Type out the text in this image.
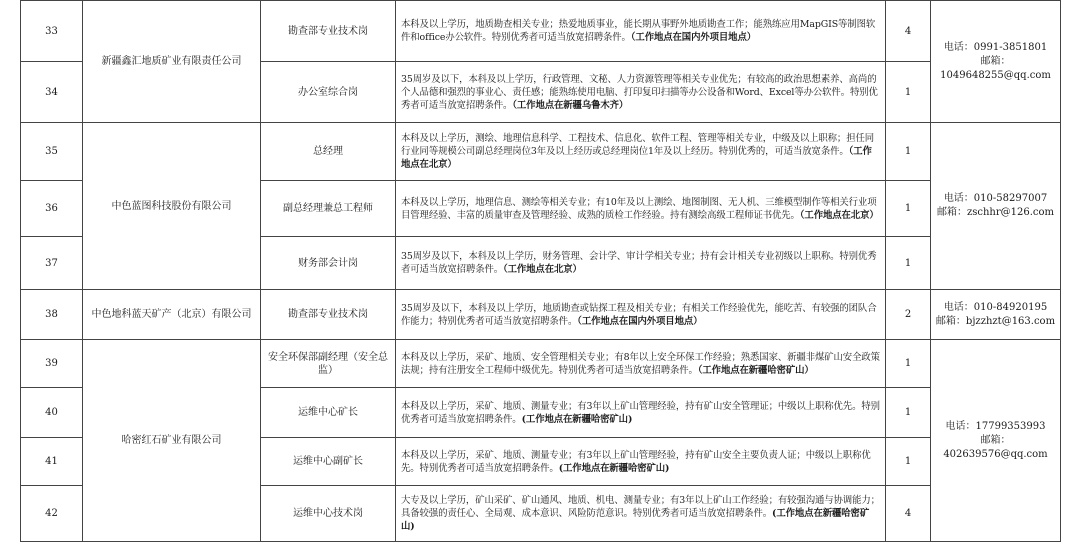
33	新疆鑫汇地质矿业有限责任公司	勘查部专业技术岗	本科及以上学历，地质勘查相关专业；热爱地质事业，能长期从事野外地质勘查工作；能熟练应用MapGIS等制图软件和office办公软件。特别优秀者可适当放宽招聘条件。（工作地点在国内外项目地点）	4	电话：0991-3851801
邮箱：1049648255@qq.com

34		办公室综合岗	35周岁及以下，本科及以上学历，行政管理、文秘、人力资源管理等相关专业优先；有较高的政治思想素养、高尚的个人品德和强烈的事业心、责任感；能熟练使用电脑、打印复印扫描等办公设备和Word、Excel等办公软件。特别优秀者可适当放宽招聘条件。（工作地点在新疆乌鲁木齐）	1	
35	中色蓝图科技股份有限公司	总经理	本科及以上学历，测绘、地理信息科学、工程技术、信息化、软件工程、管理等相关专业，中级及以上职称；担任同行业同等规模公司副总经理岗位3年及以上经历或总经理岗位1年及以上经历。特别优秀的，可适当放宽条件。（工作地点在北京）	1	电话：010-58297007
邮箱：zschhr@126.com

36		副总经理兼总工程师	本科及以上学历，地理信息、测绘等相关专业；有10年及以上测绘、地图制图、无人机、三维模型制作等相关行业项目管理经验、丰富的质量审查及管理经验、成熟的质检工作经验。持有测绘高级工程师证书优先。（工作地点在北京）	1	
37		财务部会计岗	35周岁及以下，本科及以上学历，财务管理、会计学、审计学相关专业；持有会计相关专业初级以上职称。特别优秀者可适当放宽招聘条件。（工作地点在北京）	1	
38	中色地科蓝天矿产（北京）有限公司	勘查部专业技术岗	35周岁及以下，本科及以上学历，地质勘查或钻探工程及相关专业；有相关工作经验优先，能吃苦、有较强的团队合作能力；特别优秀者可适当放宽招聘条件。（工作地点在国内外项目地点）	2	电话：010-84920195
邮箱：bjzzhzt@163.com

39	哈密红石矿业有限公司	安全环保部副经理（安全总监）	本科及以上学历，采矿、地质、安全管理相关专业；有8年以上安全环保工作经验；熟悉国家、新疆非煤矿山安全政策法规；持有注册安全工程师中级优先。特别优秀者可适当放宽招聘条件。（工作地点在新疆哈密矿山）	1	电话：17799353993
邮箱：402639576@qq.com

40		运维中心矿长	本科及以上学历，采矿、地质、测量专业；有3年以上矿山管理经验，持有矿山安全管理证；中级以上职称优先。特别优秀者可适当放宽招聘条件。(工作地点在新疆哈密矿山)	1	
41		运维中心副矿长	本科及以上学历，采矿、地质、测量专业；有3年以上矿山管理经验，持有矿山安全主要负责人证；中级以上职称优先。特别优秀者可适当放宽招聘条件。(工作地点在新疆哈密矿山)	1	
42		运维中心技术岗	大专及以上学历，矿山采矿、矿山通风、地质、机电、测量专业；有3年以上矿山工作经验；有较强沟通与协调能力；具备较强的责任心、全局观、成本意识、风险防范意识。特别优秀者可适当放宽招聘条件。(工作地点在新疆哈密矿山)	4	
